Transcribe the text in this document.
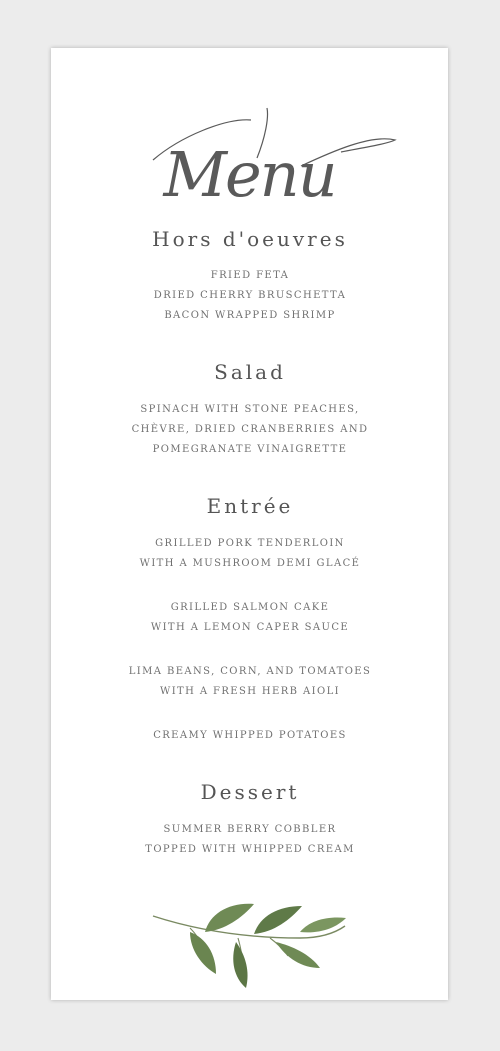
Menu
Hors d'oeuvres
FRIED FETA
DRIED CHERRY BRUSCHETTA
BACON WRAPPED SHRIMP
Salad
SPINACH WITH STONE PEACHES,
CHÈVRE, DRIED CRANBERRIES AND
POMEGRANATE VINAIGRETTE
Entrée
GRILLED PORK TENDERLOIN
WITH A MUSHROOM DEMI GLACÉ
GRILLED SALMON CAKE
WITH A LEMON CAPER SAUCE
LIMA BEANS, CORN, AND TOMATOES
WITH A FRESH HERB AIOLI
CREAMY WHIPPED POTATOES
Dessert
SUMMER BERRY COBBLER
TOPPED WITH WHIPPED CREAM
